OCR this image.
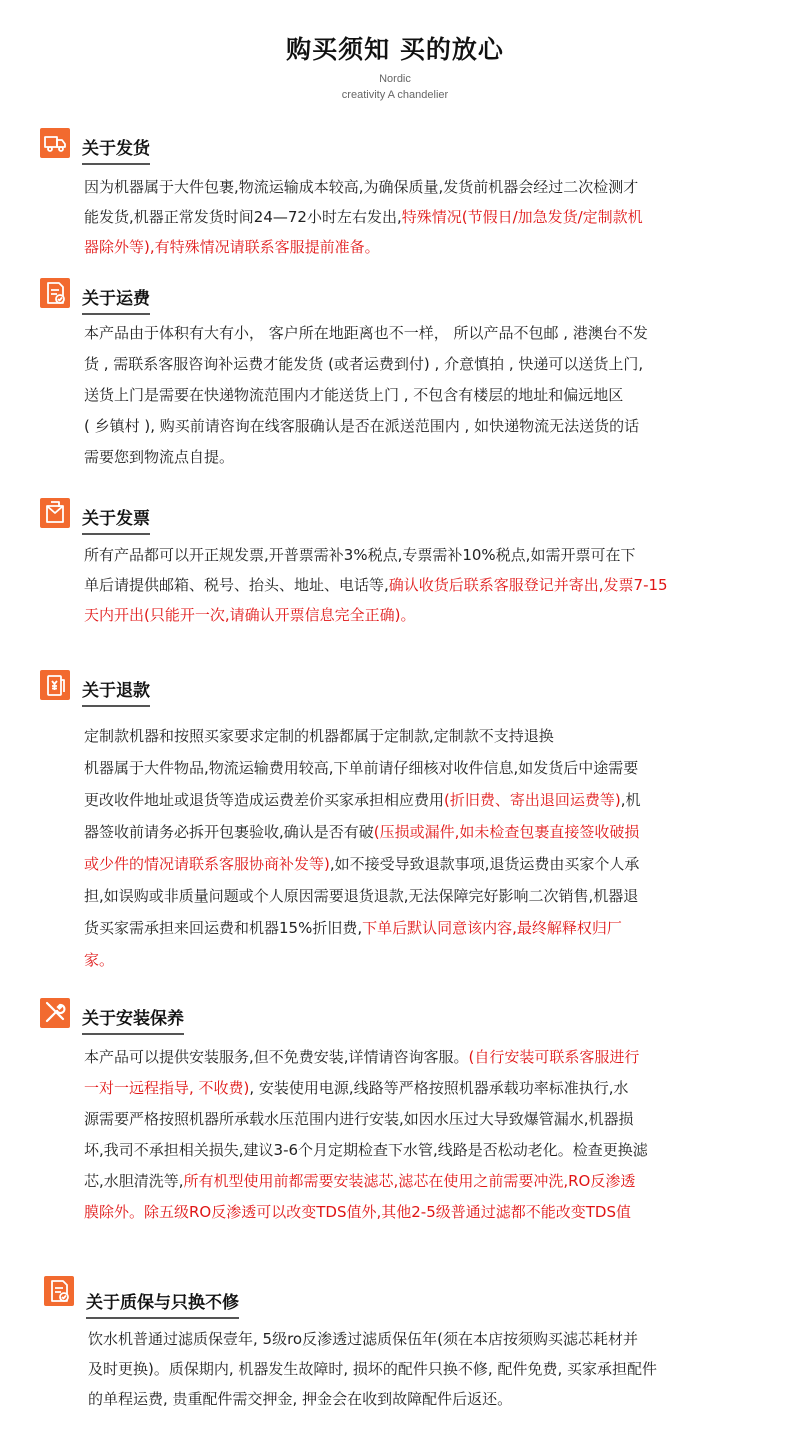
购买须知 买的放心
Nordic
creativity A chandelier
关于发货
因为机器属于大件包裹,物流运输成本较高,为确保质量,发货前机器会经过二次检测才
能发货,机器正常发货时间24—72小时左右发出,特殊情况(节假日/加急发货/定制款机
器除外等),有特殊情况请联系客服提前准备。
关于运费
本产品由于体积有大有小， 客户所在地距离也不一样， 所以产品不包邮 , 港澳台不发
货 , 需联系客服咨询补运费才能发货 (或者运费到付) , 介意慎拍 , 快递可以送货上门,
送货上门是需要在快递物流范围内才能送货上门 , 不包含有楼层的地址和偏远地区
( 乡镇村 ), 购买前请咨询在线客服确认是否在派送范围内 , 如快递物流无法送货的话
需要您到物流点自提。
关于发票
所有产品都可以开正规发票,开普票需补3%税点,专票需补10%税点,如需开票可在下
单后请提供邮箱、税号、抬头、地址、电话等,确认收货后联系客服登记并寄出,发票7-15
天内开出(只能开一次,请确认开票信息完全正确)。
关于退款
定制款机器和按照买家要求定制的机器都属于定制款,定制款不支持退换
机器属于大件物品,物流运输费用较高,下单前请仔细核对收件信息,如发货后中途需要
更改收件地址或退货等造成运费差价买家承担相应费用(折旧费、寄出退回运费等),机
器签收前请务必拆开包裹验收,确认是否有破(压损或漏件,如未检查包裹直接签收破损
或少件的情况请联系客服协商补发等),如不接受导致退款事项,退货运费由买家个人承
担,如误购或非质量问题或个人原因需要退货退款,无法保障完好影响二次销售,机器退
货买家需承担来回运费和机器15%折旧费,下单后默认同意该内容,最终解释权归厂
家。
关于安装保养
本产品可以提供安装服务,但不免费安装,详情请咨询客服。(自行安装可联系客服进行
一对一远程指导, 不收费), 安装使用电源,线路等严格按照机器承载功率标准执行,水
源需要严格按照机器所承载水压范围内进行安装,如因水压过大导致爆管漏水,机器损
坏,我司不承担相关损失,建议3-6个月定期检查下水管,线路是否松动老化。检查更换滤
芯,水胆清洗等,所有机型使用前都需要安装滤芯,滤芯在使用之前需要冲洗,RO反渗透
膜除外。除五级RO反渗透可以改变TDS值外,其他2-5级普通过滤都不能改变TDS值
关于质保与只换不修
饮水机普通过滤质保壹年, 5级ro反渗透过滤质保伍年(须在本店按须购买滤芯耗材并
及时更换)。质保期内, 机器发生故障时, 损坏的配件只换不修, 配件免费, 买家承担配件
的单程运费, 贵重配件需交押金, 押金会在收到故障配件后返还。
